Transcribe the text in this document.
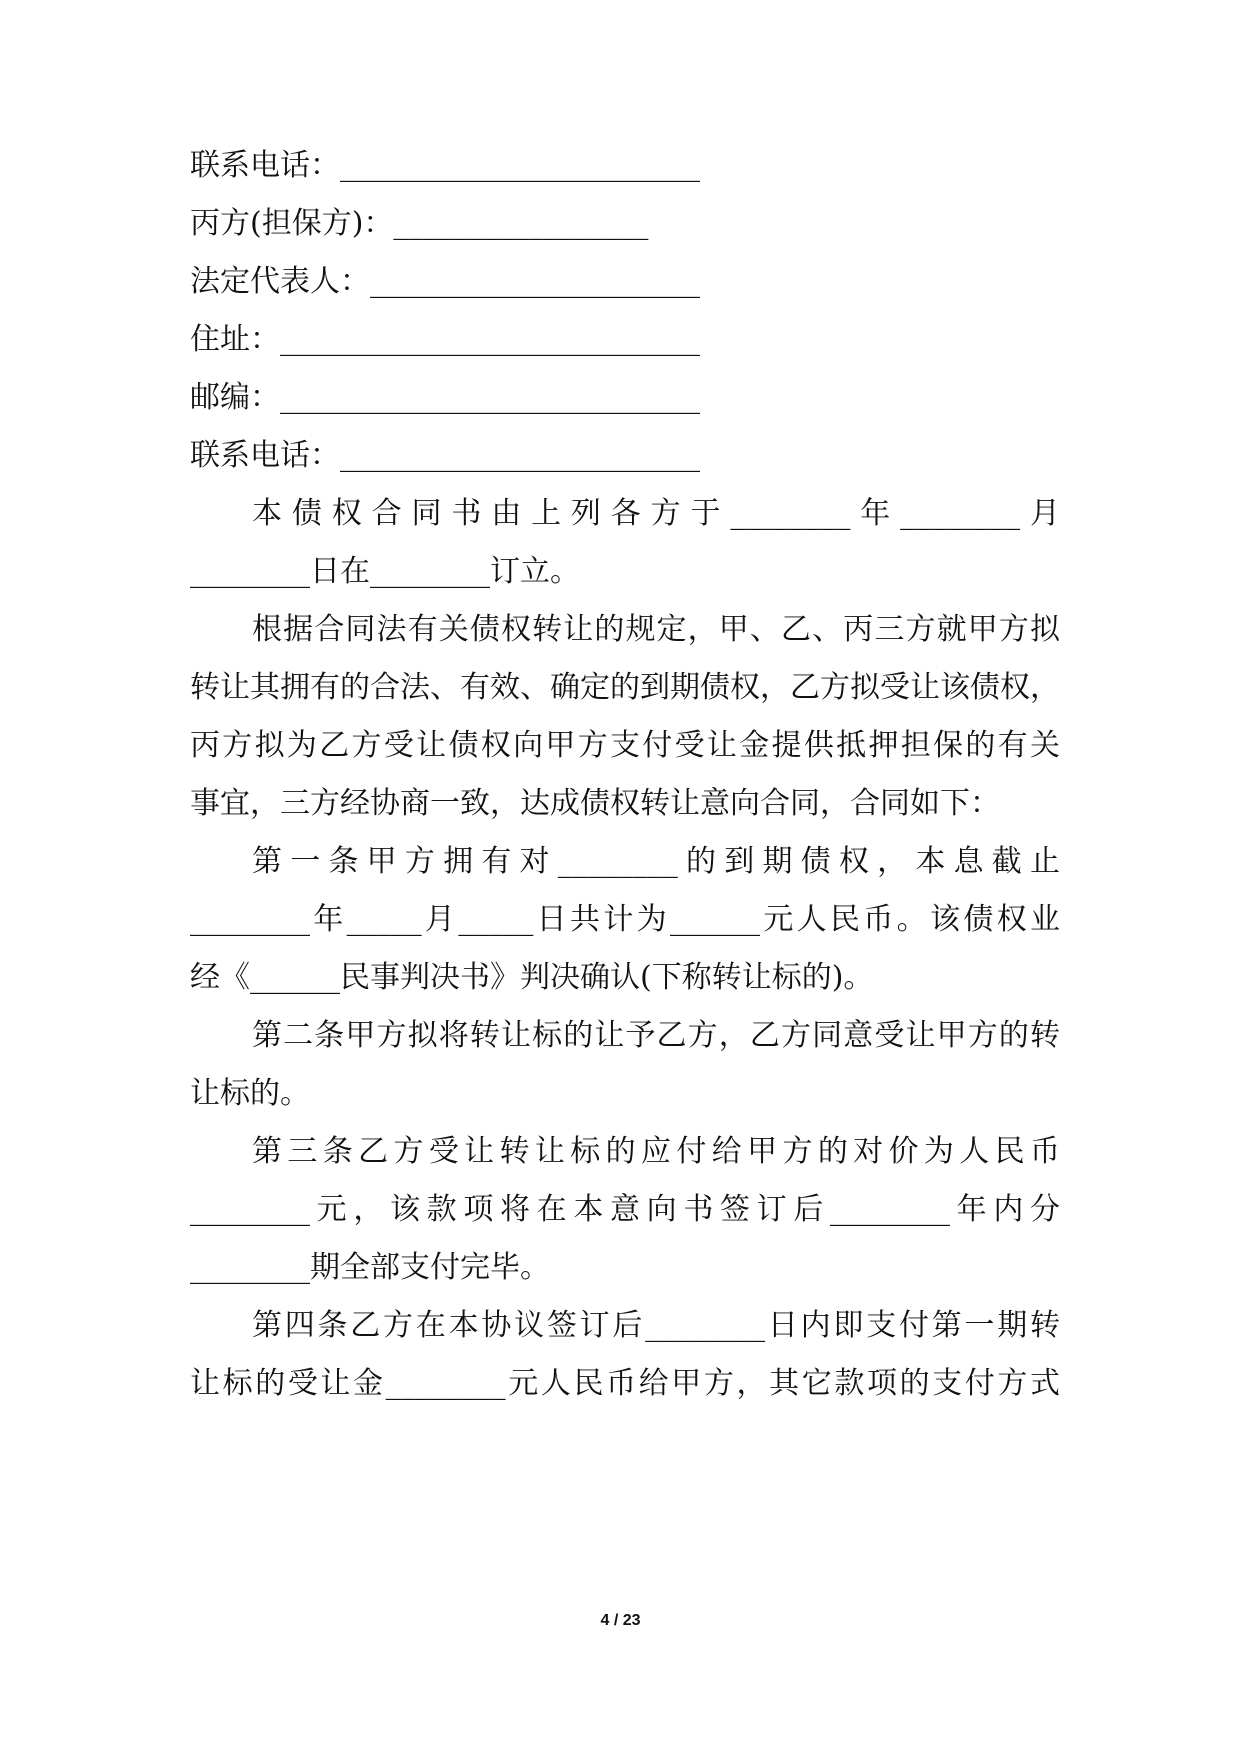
联系电话：________________________
丙方(担保方)：_________________
法定代表人：______________________
住址：____________________________
邮编：____________________________
联系电话：________________________
本债权合同书由上列各方于________年________月
________日在________订立。
根据合同法有关债权转让的规定，甲、乙、丙三方就甲方拟
转让其拥有的合法、有效、确定的到期债权，乙方拟受让该债权，
丙方拟为乙方受让债权向甲方支付受让金提供抵押担保的有关
事宜，三方经协商一致，达成债权转让意向合同，合同如下：
第一条甲方拥有对________的到期债权，本息截止
________年_____月_____日共计为______元人民币。该债权业
经《______民事判决书》判决确认(下称转让标的)。
第二条甲方拟将转让标的让予乙方，乙方同意受让甲方的转
让标的。
第三条乙方受让转让标的应付给甲方的对价为人民币
________元，该款项将在本意向书签订后________年内分
________期全部支付完毕。
第四条乙方在本协议签订后________日内即支付第一期转
让标的受让金________元人民币给甲方，其它款项的支付方式
4 / 23
